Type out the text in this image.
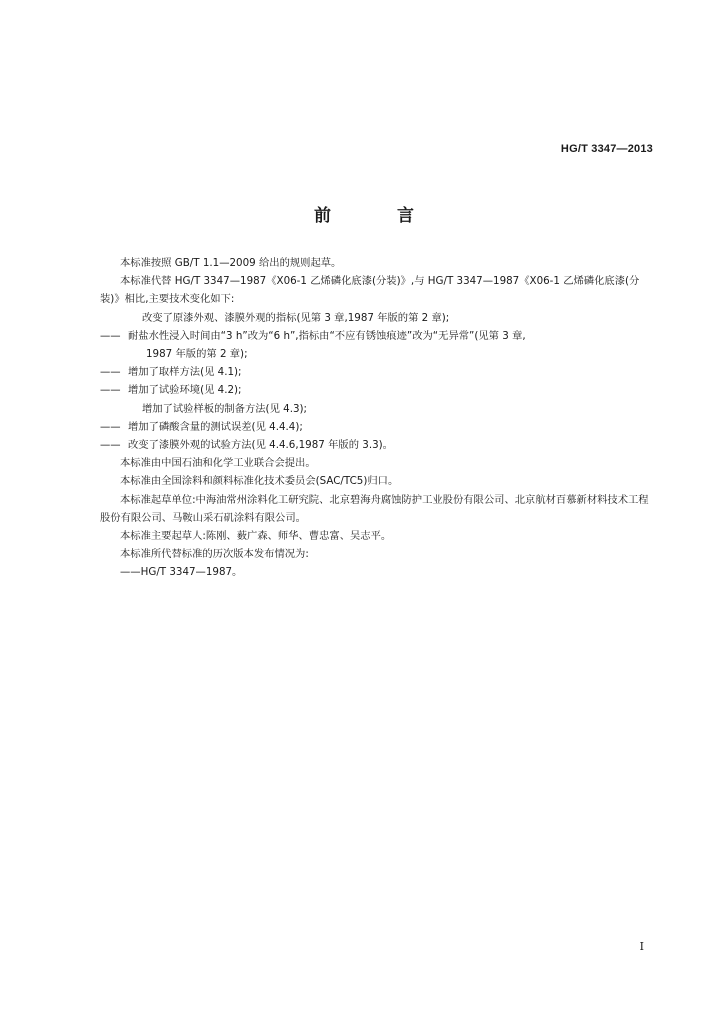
HG/T 3347—2013
前 言
本标准按照 GB/T 1.1—2009 给出的规则起草。
本标准代替 HG/T 3347—1987《X06-1 乙烯磷化底漆(分装)》,与 HG/T 3347—1987《X06-1 乙烯磷化底漆(分装)》相比,主要技术变化如下:
改变了原漆外观、漆膜外观的指标(见第 3 章,1987 年版的第 2 章);
—— 耐盐水性浸入时间由“3 h”改为“6 h”,指标由“不应有锈蚀痕迹”改为“无异常”(见第 3 章,
1987 年版的第 2 章);
—— 增加了取样方法(见 4.1);
—— 增加了试验环境(见 4.2);
增加了试验样板的制备方法(见 4.3);
—— 增加了磷酸含量的测试误差(见 4.4.4);
—— 改变了漆膜外观的试验方法(见 4.4.6,1987 年版的 3.3)。
本标准由中国石油和化学工业联合会提出。
本标准由全国涂料和颜料标准化技术委员会(SAC/TC5)归口。
本标准起草单位:中海油常州涂料化工研究院、北京碧海舟腐蚀防护工业股份有限公司、北京航材百慕新材料技术工程股份有限公司、马鞍山采石矶涂料有限公司。
本标准主要起草人:陈刚、薮广森、师华、曹忠富、吴志平。
本标准所代替标准的历次版本发布情况为:
——HG/T 3347—1987。
I
